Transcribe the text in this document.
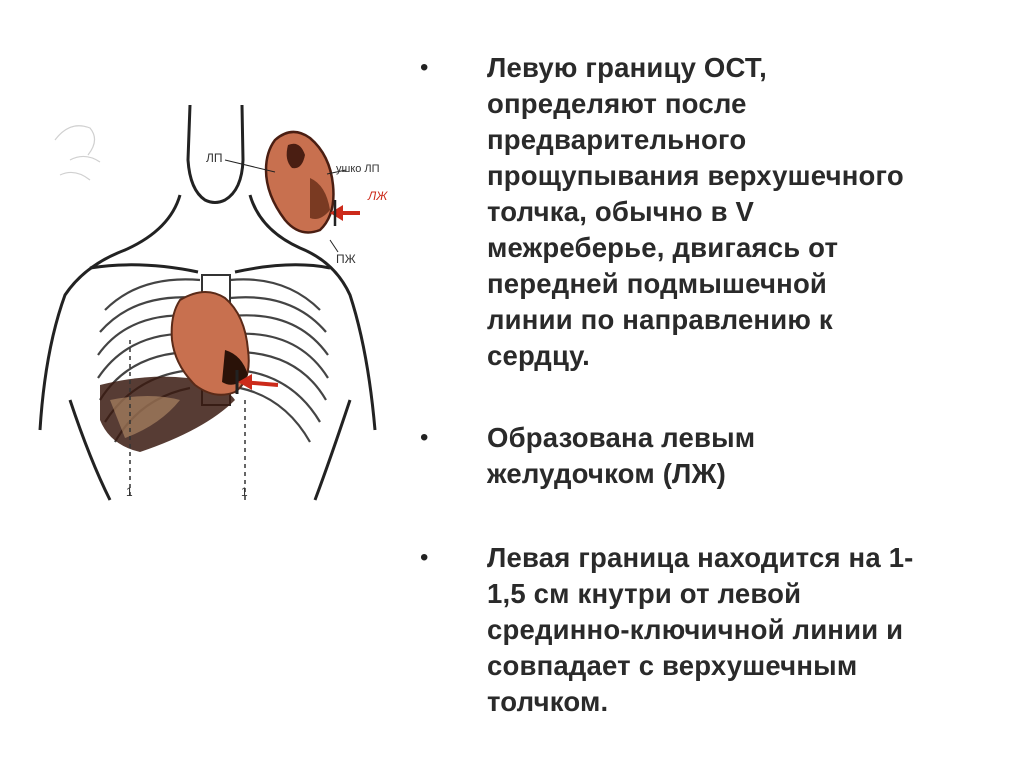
1	1
ЛП
ушко ЛП
ЛЖ
ПЖ
• Левую границу ОСТ,
определяют после
предварительного
прощупывания верхушечного
толчка, обычно в V
межреберье, двигаясь от
передней подмышечной
линии по направлению к
сердцу.
• Образована левым
желудочком (ЛЖ)
• Левая граница находится на 1-
1,5 см кнутри от левой
срединно-ключичной линии и
совпадает с верхушечным
толчком.
